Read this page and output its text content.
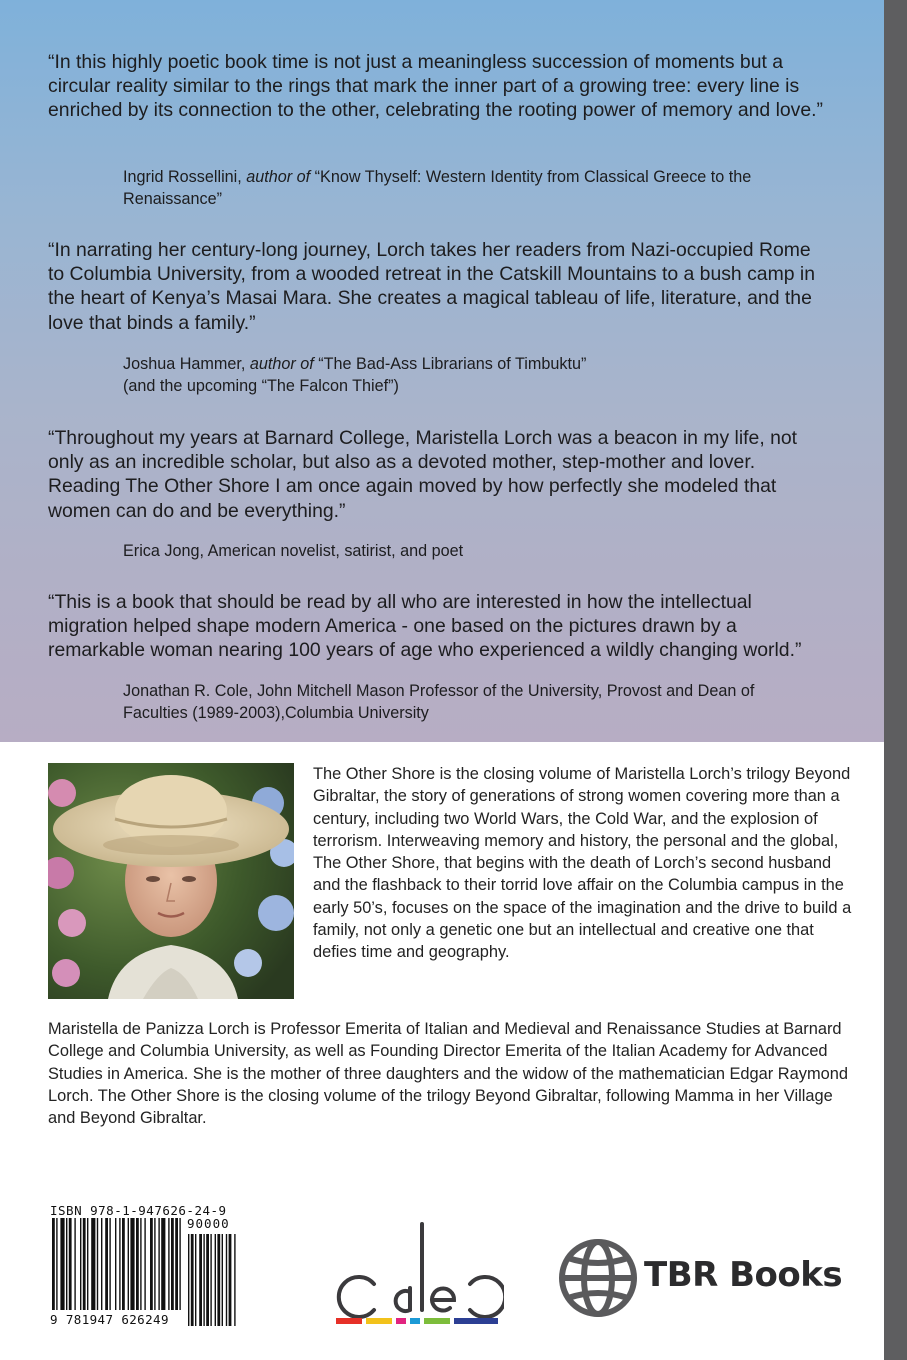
“In this highly poetic book time is not just a meaningless succession of moments but a circular reality similar to the rings that mark the inner part of a growing tree: every line is enriched by its connection to the other, celebrating the rooting power of memory and love.”

Ingrid Rossellini, author of “Know Thyself: Western Identity from Classical Greece to the Renaissance”

“In narrating her century-long journey, Lorch takes her readers from Nazi-occupied Rome to Columbia University, from a wooded retreat in the Catskill Mountains to a bush camp in the heart of Kenya’s Masai Mara. She creates a magical tableau of life, literature, and the love that binds a family.”

Joshua Hammer, author of “The Bad-Ass Librarians of Timbuktu”
(and the upcoming “The Falcon Thief”)

“Throughout my years at Barnard College, Maristella Lorch was a beacon in my life, not only as an incredible scholar, but also as a devoted mother, step-mother and lover. Reading The Other Shore I am once again moved by how perfectly she modeled that women can do and be everything.”

Erica Jong, American novelist, satirist, and poet

“This is a book that should be read by all who are interested in how the intellectual migration helped shape modern America - one based on the pictures drawn by a remarkable woman nearing 100 years of age who experienced a wildly changing world.”

Jonathan R. Cole, John Mitchell Mason Professor of the University, Provost and Dean of Faculties (1989-2003),Columbia University

The Other Shore is the closing volume of Maristella Lorch’s trilogy Beyond Gibraltar, the story of generations of strong women covering more than a century, including two World Wars, the Cold War, and the explosion of terrorism. Interweaving memory and history, the personal and the global, The Other Shore, that begins with the death of Lorch’s second husband and the flashback to their torrid love affair on the Columbia campus in the early 50’s, focuses on the space of the imagination and the drive to build a family, not only a genetic one but an intellectual and creative one that defies time and geography.

Maristella de Panizza Lorch is Professor Emerita of Italian and Medieval and Renaissance Studies at Barnard College and Columbia University, as well as Founding Director Emerita of the Italian Academy for Advanced Studies in America. She is the mother of three daughters and the widow of the mathematician Edgar Raymond Lorch. The Other Shore is the closing volume of the trilogy Beyond Gibraltar, following Mamma in her Village and Beyond Gibraltar.

ISBN 978-1-947626-24-9
90000
9 781947 626249
TBR Books
